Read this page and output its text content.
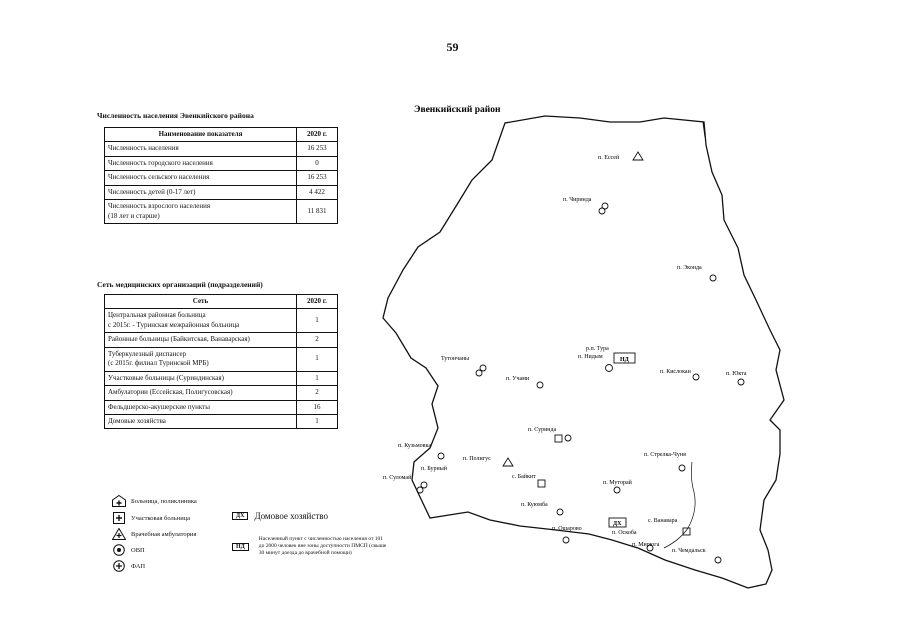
59
Численность населения Эвенкийского района
Наименование показателя	2020 г.
Численность населения	16 253
Численность городского населения	0
Численность сельского населения	16 253
Численность детей (0-17 лет)	4 422

Численность взрослого населения
(18 лет и старше)	11 831
Сеть медицинских организаций (подразделений)
Сеть	2020 г.

Центральная районная больница
с 2015г. - Туринская межрайонная больница	1
Районные больницы (Байкитская, Ванаварская)	2

Туберкулезный диспансер
(с 2015г. филиал Туринской МРБ)	1
Участковые больницы (Суриндинская)	1
Амбулатории (Ессейская, Полигусовская)	2
Фельдшерско-акушерские пункты	16
Домовые хозяйства	1
Больница, поликлиника
Участковая больница
Врачебная амбулатория
ОВП
ФАП
ДХ	Домовое хозяйство
НД
Населенный пункт с численностью населения от 101 до 2000 человек вне зоны доступности ПМСП (свыше 30 минут доезда до врачебной помощи)
Эвенкийский район
НД
ДХ
п. Ессей
п. Чиринда
п. Эконда
р.п. Тура
п. Нидым
п. Кислокан	п. Юкта
Тутончаны
п. Учами
п. Суринда
п. Кузьмовка
п. Полигус
п. Бурный
п. Суломай	с. Байкит
п. Стрелка-Чуня
п. Муторай
п. Куюмба
п. Ошарово
с. Ванавара
п. Оскоба
п. Мирюга
п. Чемдальск
